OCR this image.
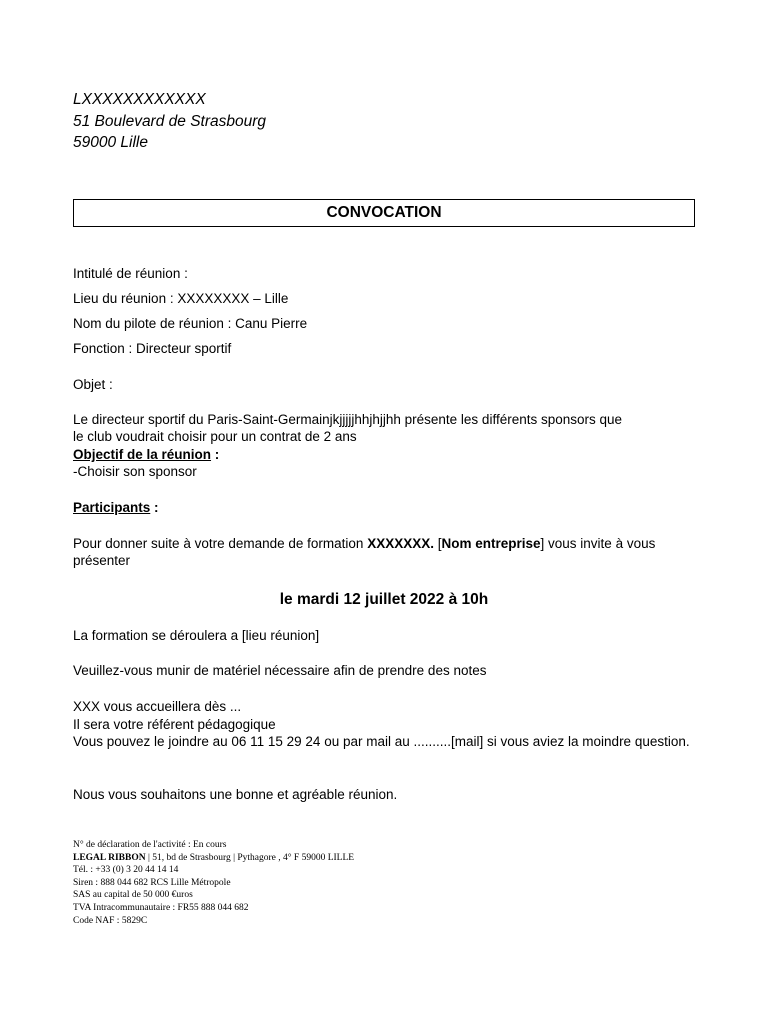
LXXXXXXXXXXXX
51 Boulevard de Strasbourg
59000 Lille
CONVOCATION
Intitulé de réunion :
Lieu du réunion : XXXXXXXX – Lille
Nom du pilote de réunion : Canu Pierre
Fonction : Directeur sportif
Objet :
Le directeur sportif du Paris-Saint-Germainjkjjjjjhhjhjjhh présente les différents sponsors que
le club voudrait choisir pour un contrat de 2 ans
Objectif de la réunion :
-Choisir son sponsor
Participants :
Pour donner suite à votre demande de formation XXXXXXX. [Nom entreprise] vous invite à vous présenter
le mardi 12 juillet 2022 à 10h
La formation se déroulera a [lieu réunion]
Veuillez-vous munir de matériel nécessaire afin de prendre des notes
XXX vous accueillera dès ...
Il sera votre référent pédagogique
Vous pouvez le joindre au 06 11 15 29 24 ou par mail au ..........[mail] si vous aviez la moindre question.
Nous vous souhaitons une bonne et agréable réunion.
N° de déclaration de l'activité : En cours
LEGAL RIBBON | 51, bd de Strasbourg | Pythagore , 4° F 59000 LILLE
Tél. : +33 (0) 3 20 44 14 14
Siren : 888 044 682 RCS Lille Métropole
SAS au capital de 50 000 €uros
TVA Intracommunautaire : FR55 888 044 682
Code NAF : 5829C
